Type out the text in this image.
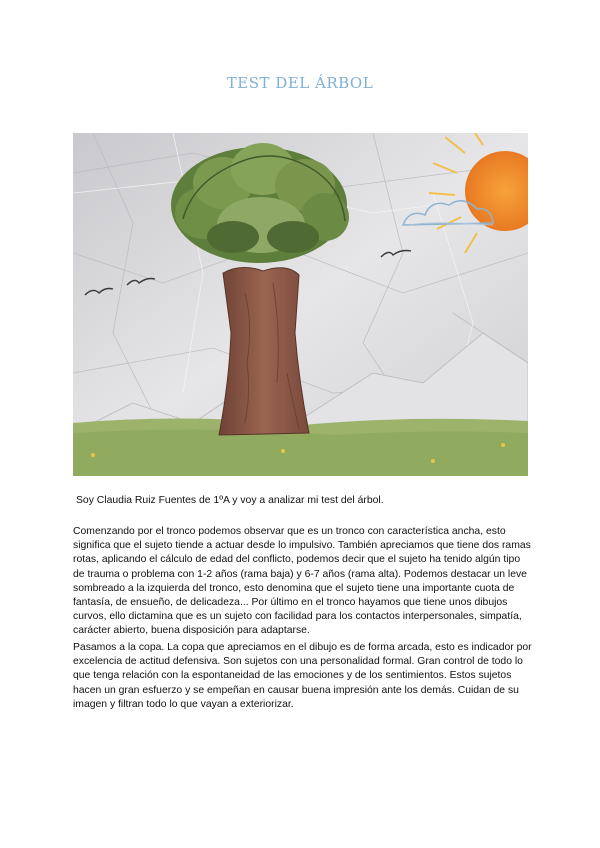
TEST DEL ÁRBOL
Soy Claudia Ruiz Fuentes de 1ºA y voy a analizar mi test del árbol.
Comenzando por el tronco podemos observar que es un tronco con característica ancha, esto significa que el sujeto tiende a actuar desde lo impulsivo. También apreciamos que tiene dos ramas rotas, aplicando el cálculo de edad del conflicto, podemos decir que el sujeto ha tenido algún tipo de trauma o problema con 1-2 años (rama baja) y 6-7 años (rama alta). Podemos destacar un leve sombreado a la izquierda del tronco, esto denomina que el sujeto tiene una importante cuota de fantasía, de ensueño, de delicadeza... Por último en el tronco hayamos que tiene unos dibujos curvos, ello dictamina que es un sujeto con facilidad para los contactos interpersonales, simpatía, carácter abierto, buena disposición para adaptarse.
Pasamos a la copa. La copa que apreciamos en el dibujo es de forma arcada, esto es indicador por excelencia de actitud defensiva. Son sujetos con una personalidad formal. Gran control de todo lo que tenga relación con la espontaneidad de las emociones y de los sentimientos. Estos sujetos hacen un gran esfuerzo y se empeñan en causar buena impresión ante los demás. Cuidan de su imagen y filtran todo lo que vayan a exteriorizar.
